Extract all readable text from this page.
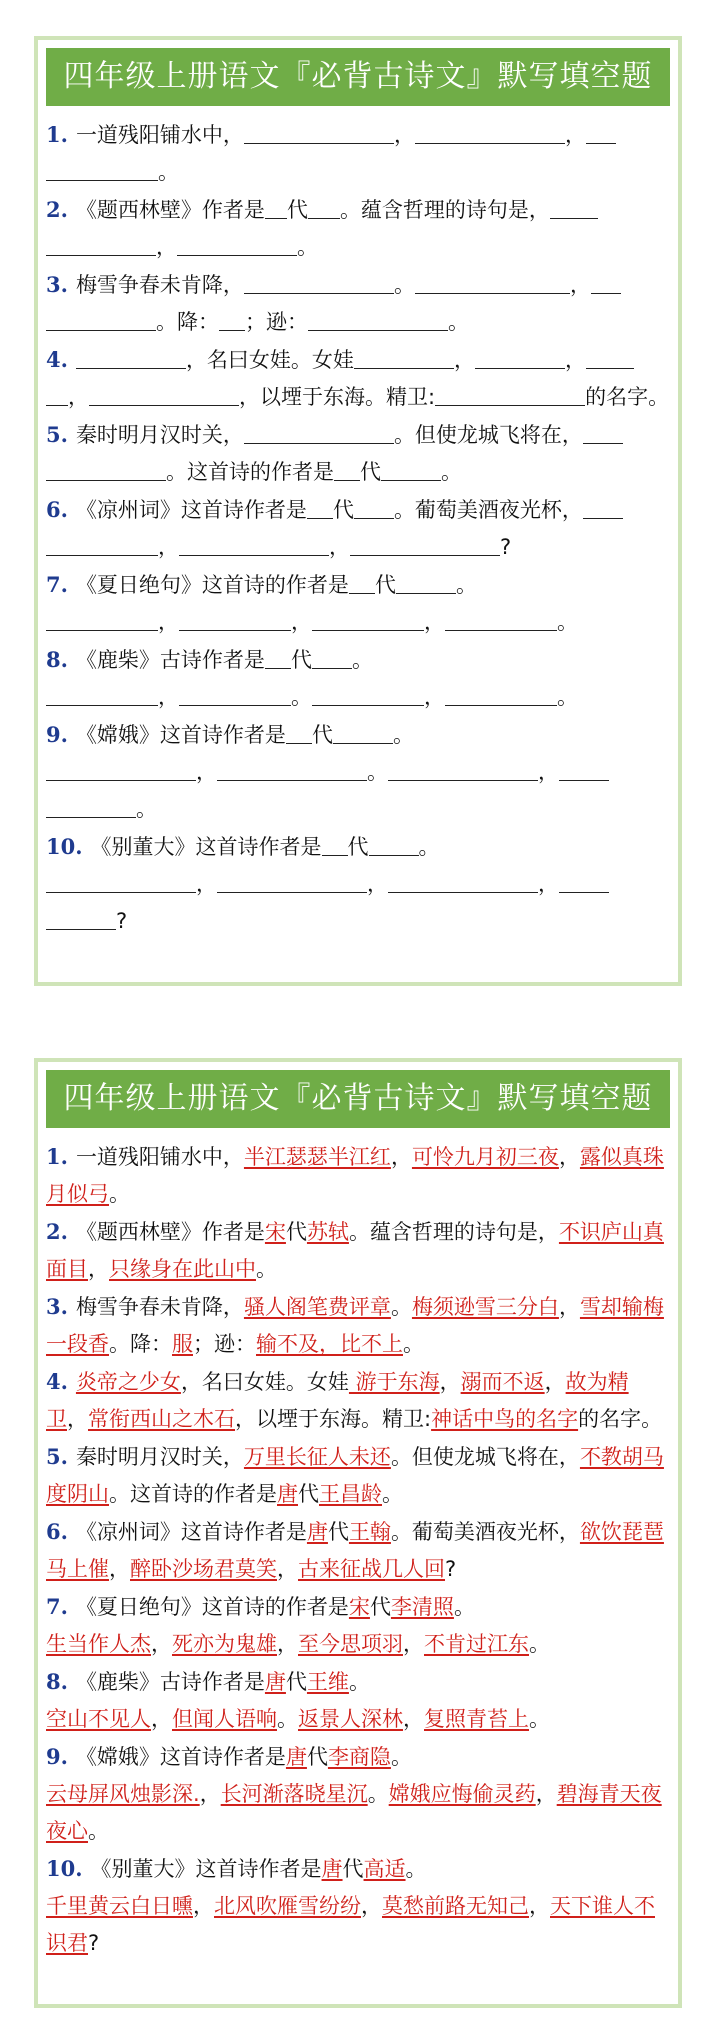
四年级上册语文『必背古诗文』默写填空题

1. 一道残阳铺水中，	，	，
。

2. 《题西林壁》作者是 代 。蕴含哲理的诗句是，
，	。

3. 梅雪争春未肯降，	。	，
。降： ；逊：	。

4.	，名曰女娃。女娃	，	，
，	，以堙于东海。精卫:	的名字。

5. 秦时明月汉时关，	。但使龙城飞将在，
。这首诗的作者是 代	。

6. 《凉州词》这首诗作者是 代 。葡萄美酒夜光杯，
，	，	?

7. 《夏日绝句》这首诗的作者是 代	。
，	，	，	。

8. 《鹿柴》古诗作者是 代 。
，	。	，	。

9. 《嫦娥》这首诗作者是 代	。
，	。	，
。

10. 《别董大》这首诗作者是 代 。
，	，	，
?

四年级上册语文『必背古诗文』默写填空题

1. 一道残阳铺水中，半江瑟瑟半江红，可怜九月初三夜，露似真珠月似弓。

2. 《题西林壁》作者是宋代苏轼。蕴含哲理的诗句是，不识庐山真面目，只缘身在此山中。

3. 梅雪争春未肯降，骚人阁笔费评章。梅须逊雪三分白，雪却输梅一段香。降：服；逊：输不及，比不上。

4. 炎帝之少女，名曰女娃。女娃 游于东海，溺而不返，故为精卫，常衔西山之木石，以堙于东海。精卫:神话中鸟的名字的名字。

5. 秦时明月汉时关，万里长征人未还。但使龙城飞将在，不教胡马度阴山。这首诗的作者是唐代王昌龄。

6. 《凉州词》这首诗作者是唐代王翰。葡萄美酒夜光杯，欲饮琵琶马上催，醉卧沙场君莫笑，古来征战几人回?

7. 《夏日绝句》这首诗的作者是宋代李清照。
生当作人杰，死亦为鬼雄，至今思项羽，不肯过江东。

8. 《鹿柴》古诗作者是唐代王维。
空山不见人，但闻人语响。返景人深林，复照青苔上。

9. 《嫦娥》这首诗作者是唐代李商隐。
云母屏风烛影深.，长河渐落晓星沉。嫦娥应悔偷灵药，碧海青天夜夜心。

10. 《别董大》这首诗作者是唐代高适。
千里黄云白日曛，北风吹雁雪纷纷，莫愁前路无知己，天下谁人不识君?
